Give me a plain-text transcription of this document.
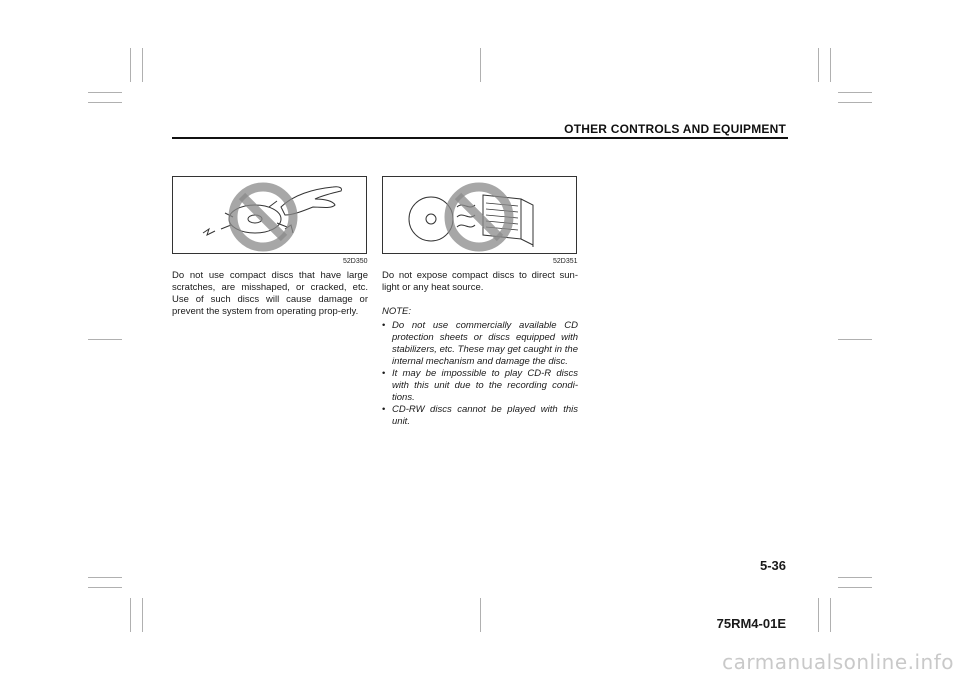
OTHER CONTROLS AND EQUIPMENT
52D350	52D351
Do not use compact discs that have large scratches, are misshaped, or cracked, etc. Use of such discs will cause damage or prevent the system from operating prop-erly.
Do not expose compact discs to direct sun-light or any heat source.
NOTE:
• Do not use commercially available CD protection sheets or discs equipped with stabilizers, etc. These may get caught in the internal mechanism and damage the disc.
• It may be impossible to play CD-R discs with this unit due to the recording condi-tions.
• CD-RW discs cannot be played with this unit.
5-36
75RM4-01E
carmanualsonline.info
